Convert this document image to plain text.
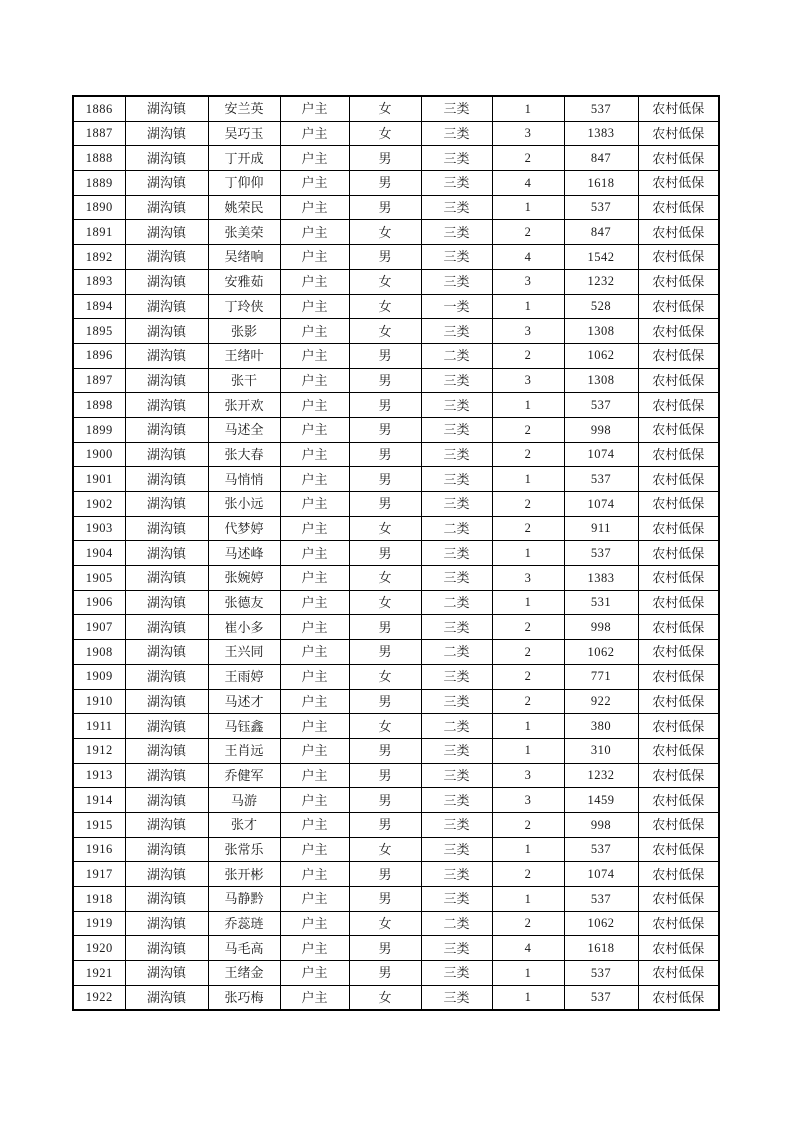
1886	湖沟镇	安兰英	户主	女	三类	1	537	农村低保
1887	湖沟镇	吴巧玉	户主	女	三类	3	1383	农村低保
1888	湖沟镇	丁开成	户主	男	三类	2	847	农村低保
1889	湖沟镇	丁仰仰	户主	男	三类	4	1618	农村低保
1890	湖沟镇	姚荣民	户主	男	三类	1	537	农村低保
1891	湖沟镇	张美荣	户主	女	三类	2	847	农村低保
1892	湖沟镇	吴绪响	户主	男	三类	4	1542	农村低保
1893	湖沟镇	安雅茹	户主	女	三类	3	1232	农村低保
1894	湖沟镇	丁玲侠	户主	女	一类	1	528	农村低保
1895	湖沟镇	张影	户主	女	三类	3	1308	农村低保
1896	湖沟镇	王绪叶	户主	男	二类	2	1062	农村低保
1897	湖沟镇	张干	户主	男	三类	3	1308	农村低保
1898	湖沟镇	张开欢	户主	男	三类	1	537	农村低保
1899	湖沟镇	马述全	户主	男	三类	2	998	农村低保
1900	湖沟镇	张大春	户主	男	三类	2	1074	农村低保
1901	湖沟镇	马悄悄	户主	男	三类	1	537	农村低保
1902	湖沟镇	张小远	户主	男	三类	2	1074	农村低保
1903	湖沟镇	代梦婷	户主	女	二类	2	911	农村低保
1904	湖沟镇	马述峰	户主	男	三类	1	537	农村低保
1905	湖沟镇	张婉婷	户主	女	三类	3	1383	农村低保
1906	湖沟镇	张德友	户主	女	二类	1	531	农村低保
1907	湖沟镇	崔小多	户主	男	三类	2	998	农村低保
1908	湖沟镇	王兴同	户主	男	二类	2	1062	农村低保
1909	湖沟镇	王雨婷	户主	女	三类	2	771	农村低保
1910	湖沟镇	马述才	户主	男	三类	2	922	农村低保
1911	湖沟镇	马钰鑫	户主	女	二类	1	380	农村低保
1912	湖沟镇	王肖远	户主	男	三类	1	310	农村低保
1913	湖沟镇	乔健军	户主	男	三类	3	1232	农村低保
1914	湖沟镇	马游	户主	男	三类	3	1459	农村低保
1915	湖沟镇	张才	户主	男	三类	2	998	农村低保
1916	湖沟镇	张常乐	户主	女	三类	1	537	农村低保
1917	湖沟镇	张开彬	户主	男	三类	2	1074	农村低保
1918	湖沟镇	马静黔	户主	男	三类	1	537	农村低保
1919	湖沟镇	乔蕊琏	户主	女	二类	2	1062	农村低保
1920	湖沟镇	马毛高	户主	男	三类	4	1618	农村低保
1921	湖沟镇	王绪金	户主	男	三类	1	537	农村低保
1922	湖沟镇	张巧梅	户主	女	三类	1	537	农村低保
